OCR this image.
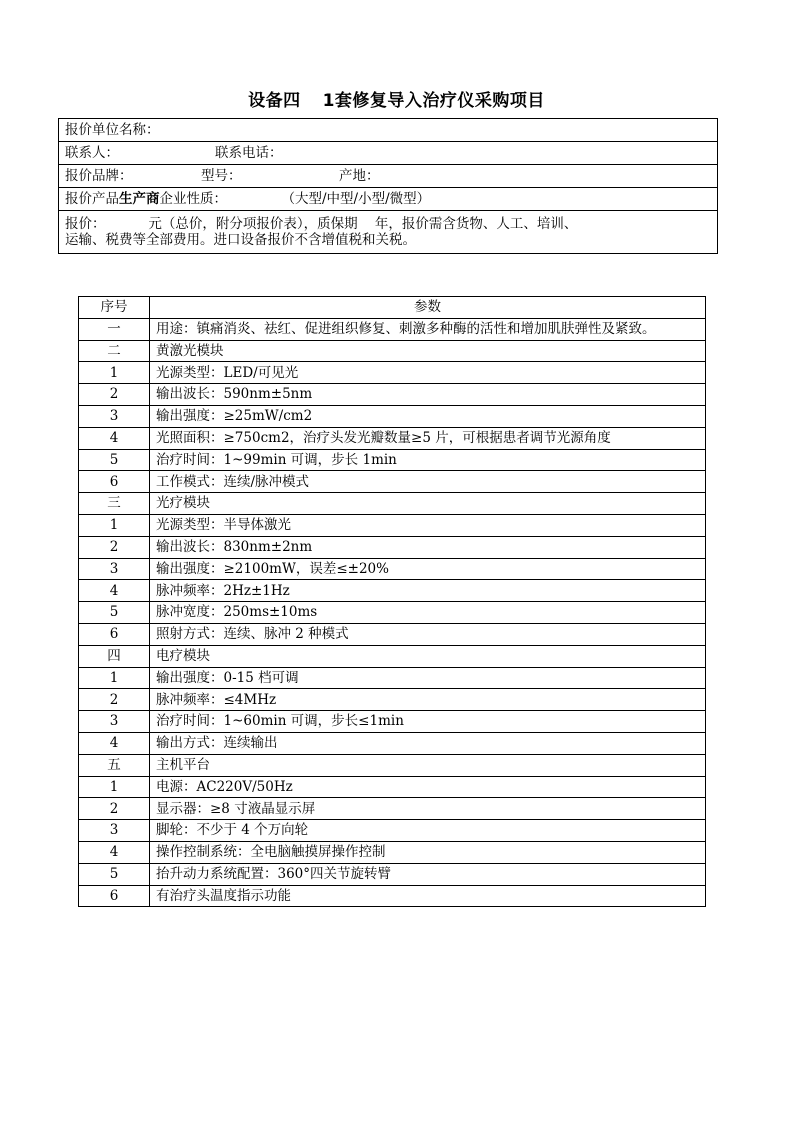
设备四 1套修复导入治疗仪采购项目
报价单位名称：
联系人：	联系电话：
报价品牌：	型号：	产地：
报价产品生产商企业性质：	（大型/中型/小型/微型）

报价：          元（总价，附分项报价表），质保期    年，报价需含货物、人工、培训、
运输、税费等全部费用。进口设备报价不含增值税和关税。
序号	参数
一	用途：镇痛消炎、祛红、促进组织修复、刺激多种酶的活性和增加肌肤弹性及紧致。
二	黄激光模块
1	光源类型：LED/可见光
2	输出波长：590nm±5nm
3	输出强度：≥25mW/cm2
4	光照面积：≥750cm2，治疗头发光瓣数量≥5 片，可根据患者调节光源角度
5	治疗时间：1~99min 可调，步长 1min
6	工作模式：连续/脉冲模式
三	光疗模块
1	光源类型：半导体激光
2	输出波长：830nm±2nm
3	输出强度：≥2100mW，误差≤±20%
4	脉冲频率：2Hz±1Hz
5	脉冲宽度：250ms±10ms
6	照射方式：连续、脉冲 2 种模式
四	电疗模块
1	输出强度：0-15 档可调
2	脉冲频率：≤4MHz
3	治疗时间：1~60min 可调，步长≤1min
4	输出方式：连续输出
五	主机平台
1	电源：AC220V/50Hz
2	显示器：≥8 寸液晶显示屏
3	脚轮：不少于 4 个万向轮
4	操作控制系统：全电脑触摸屏操作控制
5	抬升动力系统配置：360°四关节旋转臂
6	有治疗头温度指示功能
